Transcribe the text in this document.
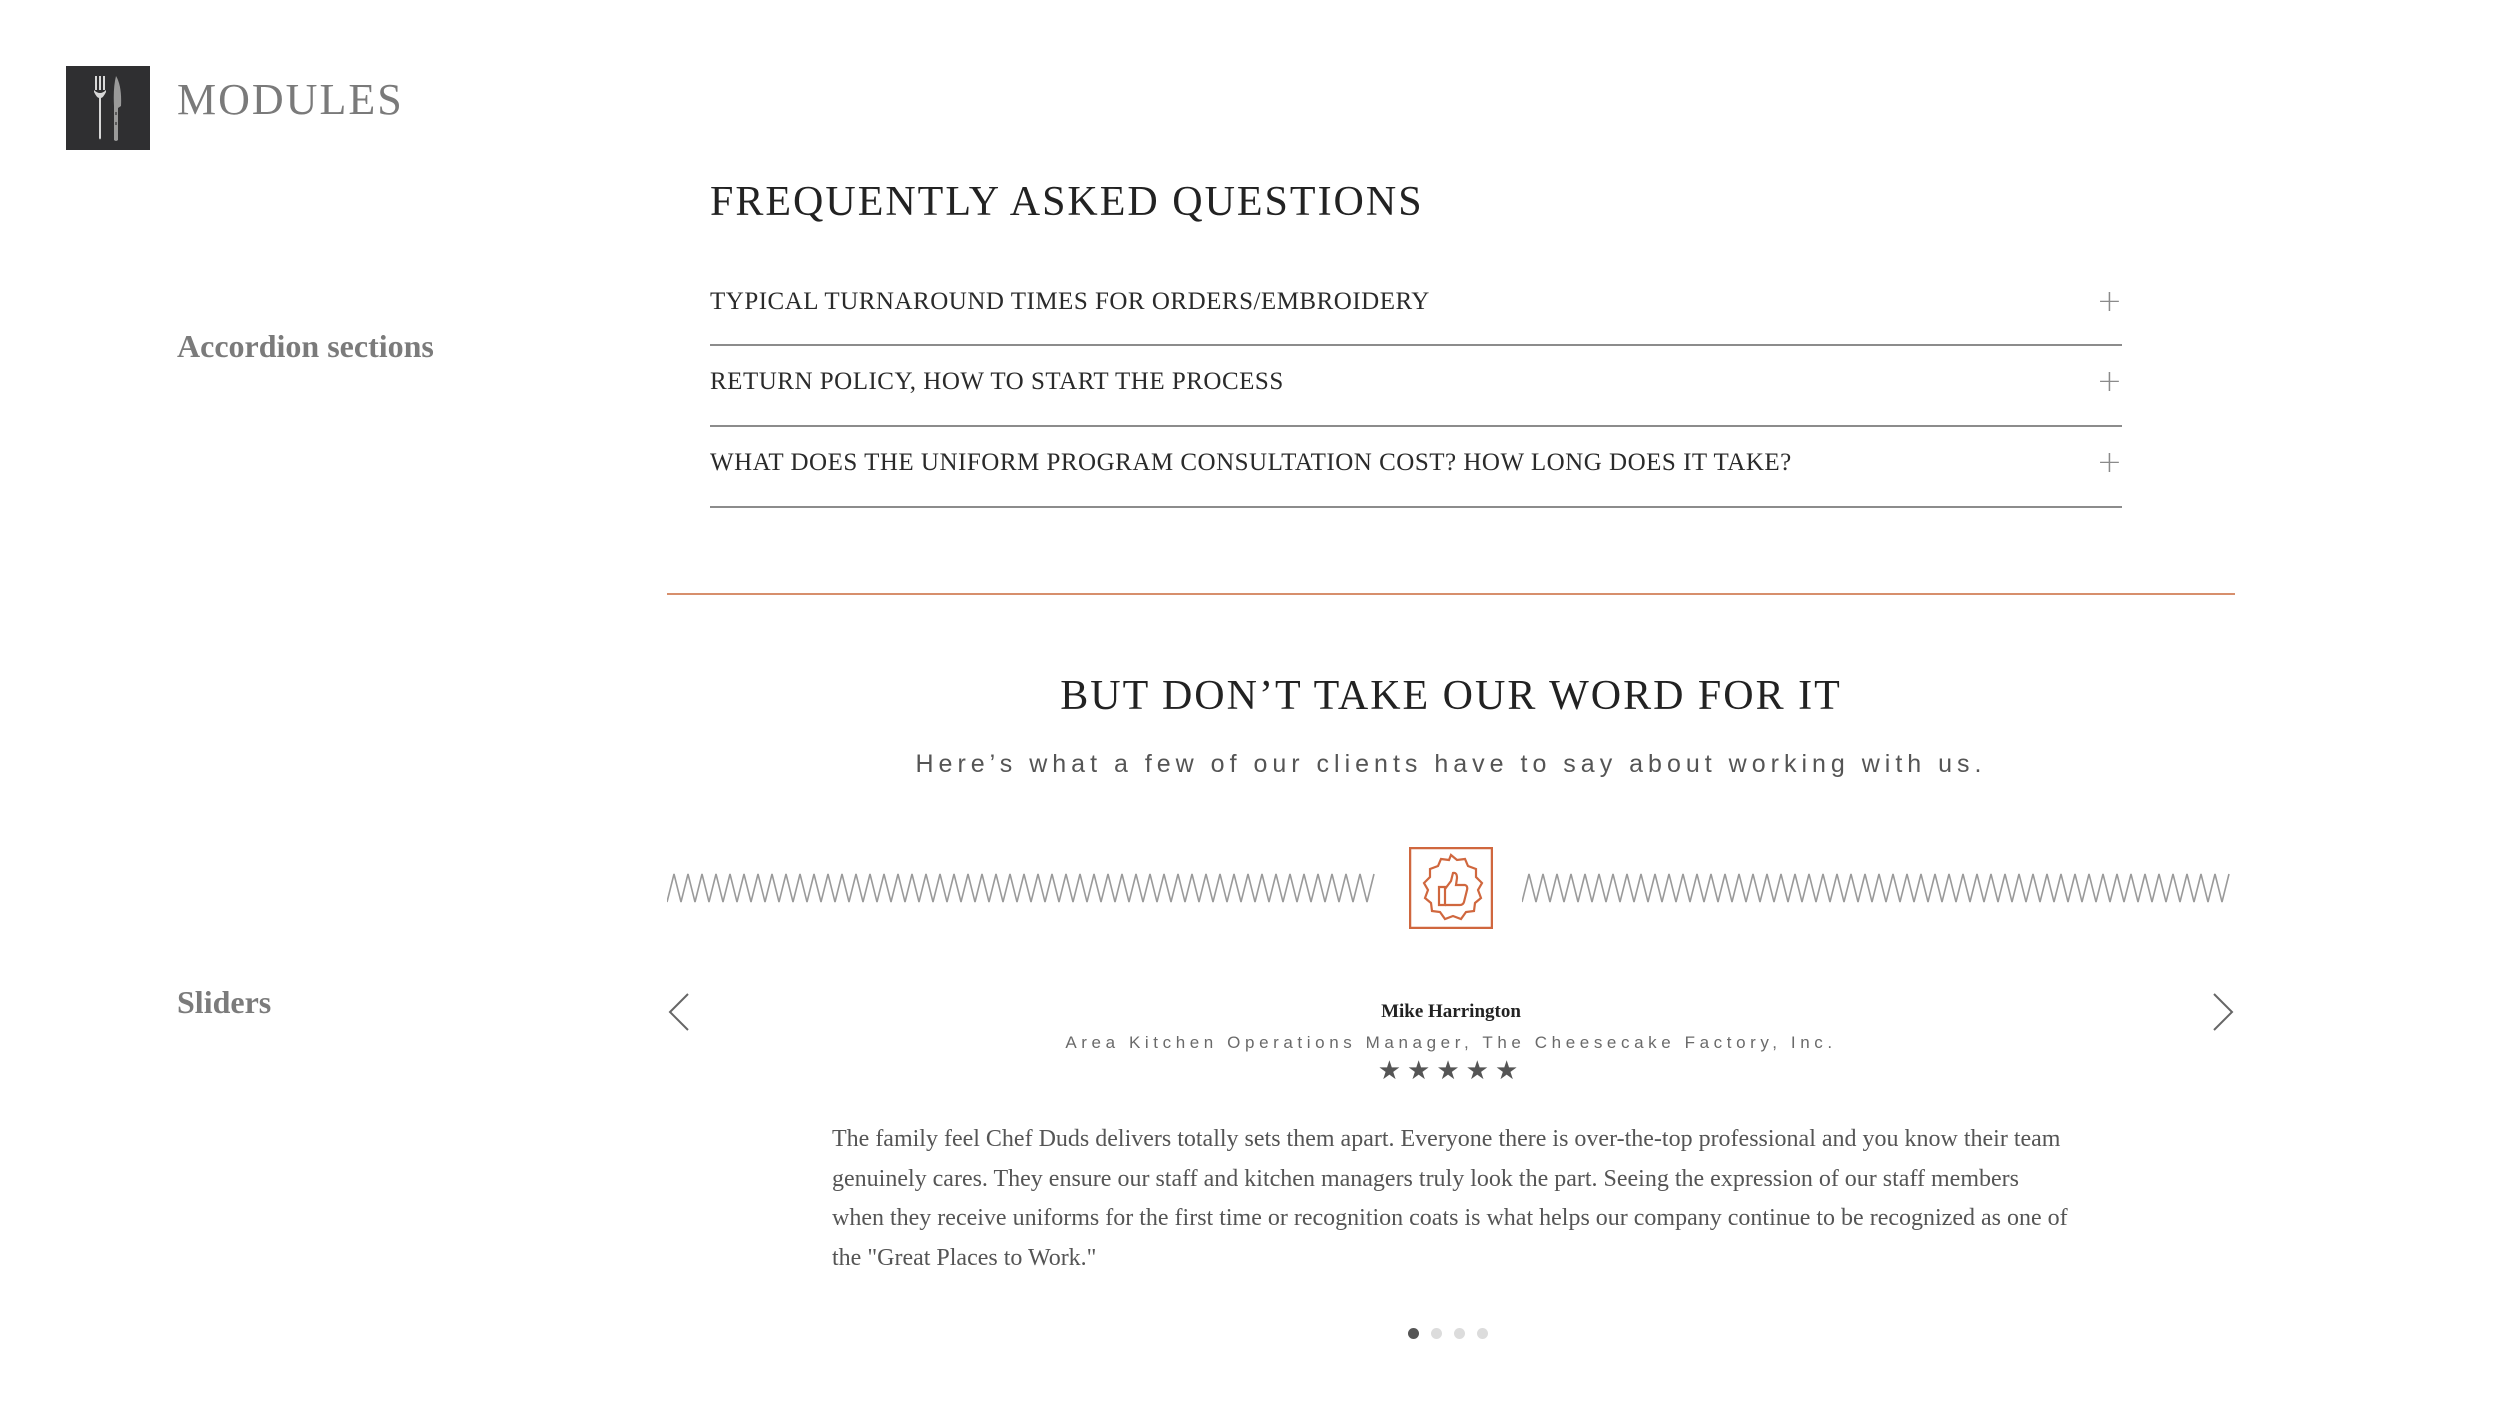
MODULES
Accordion sections
Sliders
FREQUENTLY ASKED QUESTIONS
TYPICAL TURNAROUND TIMES FOR ORDERS/EMBROIDERY	+
RETURN POLICY, HOW TO START THE PROCESS	+
WHAT DOES THE UNIFORM PROGRAM CONSULTATION COST? HOW LONG DOES IT TAKE?	+
BUT DON’T TAKE OUR WORD FOR IT
Here’s what a few of our clients have to say about working with us.
Mike Harrington
Area Kitchen Operations Manager, The Cheesecake Factory, Inc.
★★★★★
The family feel Chef Duds delivers totally sets them apart. Everyone there is over-the-top professional and you know their team genuinely cares. They ensure our staff and kitchen managers truly look the part. Seeing the expression of our staff members when they receive uniforms for the first time or recognition coats is what helps our company continue to be recognized as one of the "Great Places to Work."
